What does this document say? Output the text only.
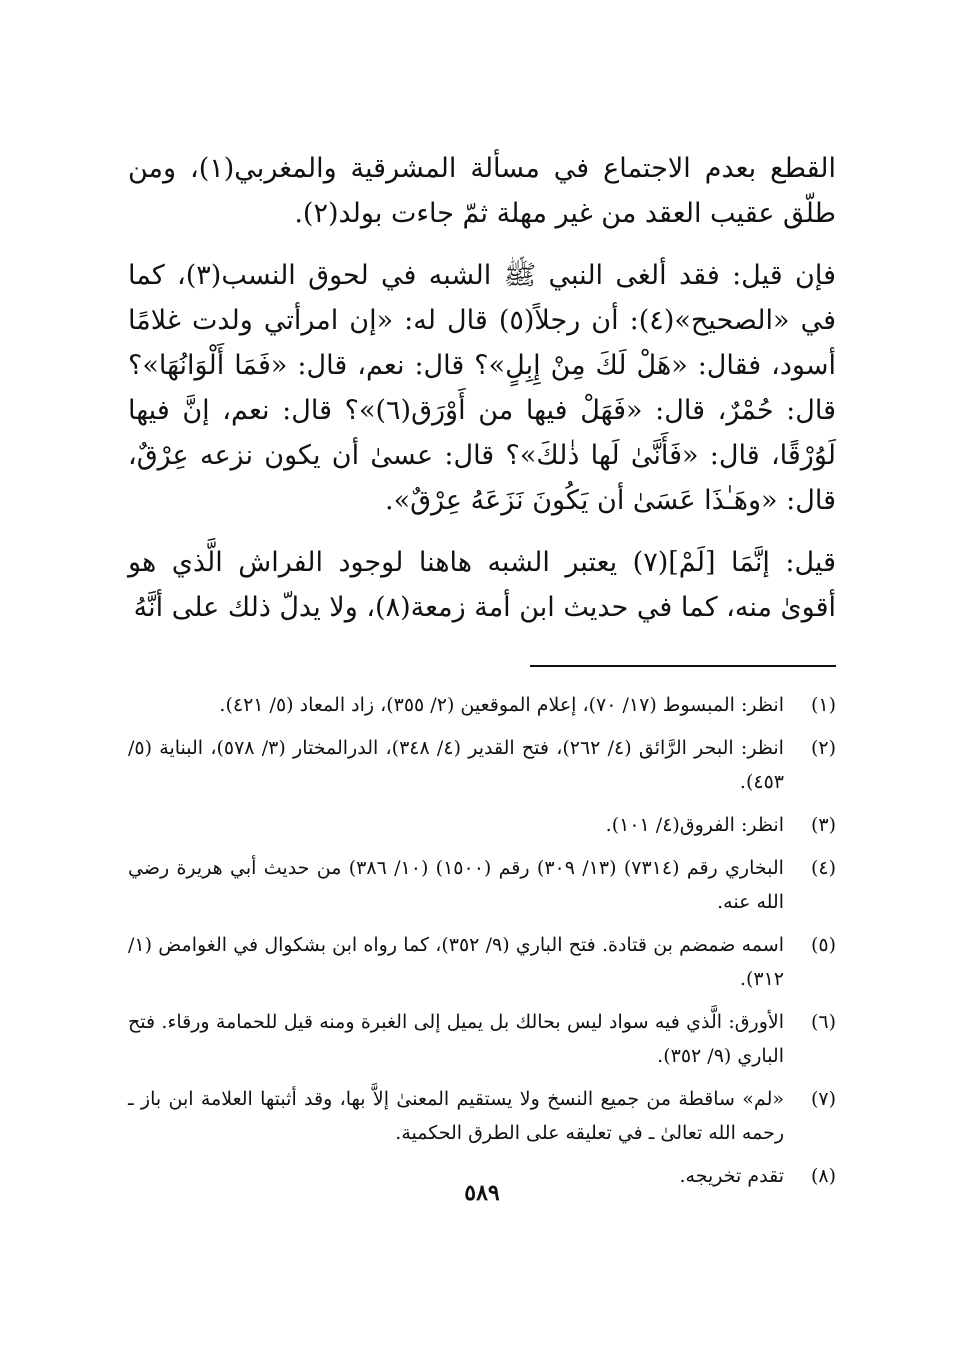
القطع بعدم الاجتماع في مسألة المشرقية والمغربي(١)، ومن طلّق عقيب العقد من غير مهلة ثمّ جاءت بولد(٢).

فإن قيل: فقد ألغى النبي ﷺ الشبه في لحوق النسب(٣)، كما في «الصحيح»(٤): أن رجلاً(٥) قال له: «إن امرأتي ولدت غلامًا أسود، فقال: «هَلْ لَكَ مِنْ إِبِلٍ»؟ قال: نعم، قال: «فَمَا أَلْوَانُهَا»؟ قال: حُمْرٌ، قال: «فَهَلْ فيها من أَوْرَق(٦)»؟ قال: نعم، إنَّ فيها لَوُرْقًا، قال: «فَأَنَّىٰ لَها ذٰلكَ»؟ قال: عسىٰ أن يكون نزعه عِرْقٌ، قال: «وهَـٰذَا عَسَىٰ أن يَكُونَ نَزَعَهُ عِرْقٌ».

قيل: إنَّمَا [لَمْ](٧) يعتبر الشبه هاهنا لوجود الفراش الَّذي هو أقوىٰ منه، كما في حديث ابن أمة زمعة(٨)، ولا يدلّ ذلك على أنَّهُ

(١)
انظر: المبسوط (١٧/ ٧٠)، إعلام الموقعين (٢/ ٣٥٥)، زاد المعاد (٥/ ٤٢١).
(٢)
انظر: البحر الرَّائق (٤/ ٢٦٢)، فتح القدير (٤/ ٣٤٨)، الدرالمختار (٣/ ٥٧٨)، البناية (٥/ ٤٥٣).
(٣)
انظر: الفروق(٤/ ١٠١).
(٤)
البخاري رقم (٧٣١٤) (١٣/ ٣٠٩) رقم (١٥٠٠) (١٠/ ٣٨٦) من حديث أبي هريرة رضي الله عنه.
(٥)
اسمه ضمضم بن قتادة. فتح الباري (٩/ ٣٥٢)، كما رواه ابن بشكوال في الغوامض (١/ ٣١٢).
(٦)
الأورق: الَّذي فيه سواد ليس بحالك بل يميل إلى الغبرة ومنه قيل للحمامة ورقاء. فتح الباري (٩/ ٣٥٢).
(٧)
«لم» ساقطة من جميع النسخ ولا يستقيم المعنىٰ إلاَّ بها، وقد أثبتها العلامة ابن باز ـ رحمه الله تعالىٰ ـ في تعليقه على الطرق الحكمية.
(٨)
تقدم تخريجه.
٥٨٩
